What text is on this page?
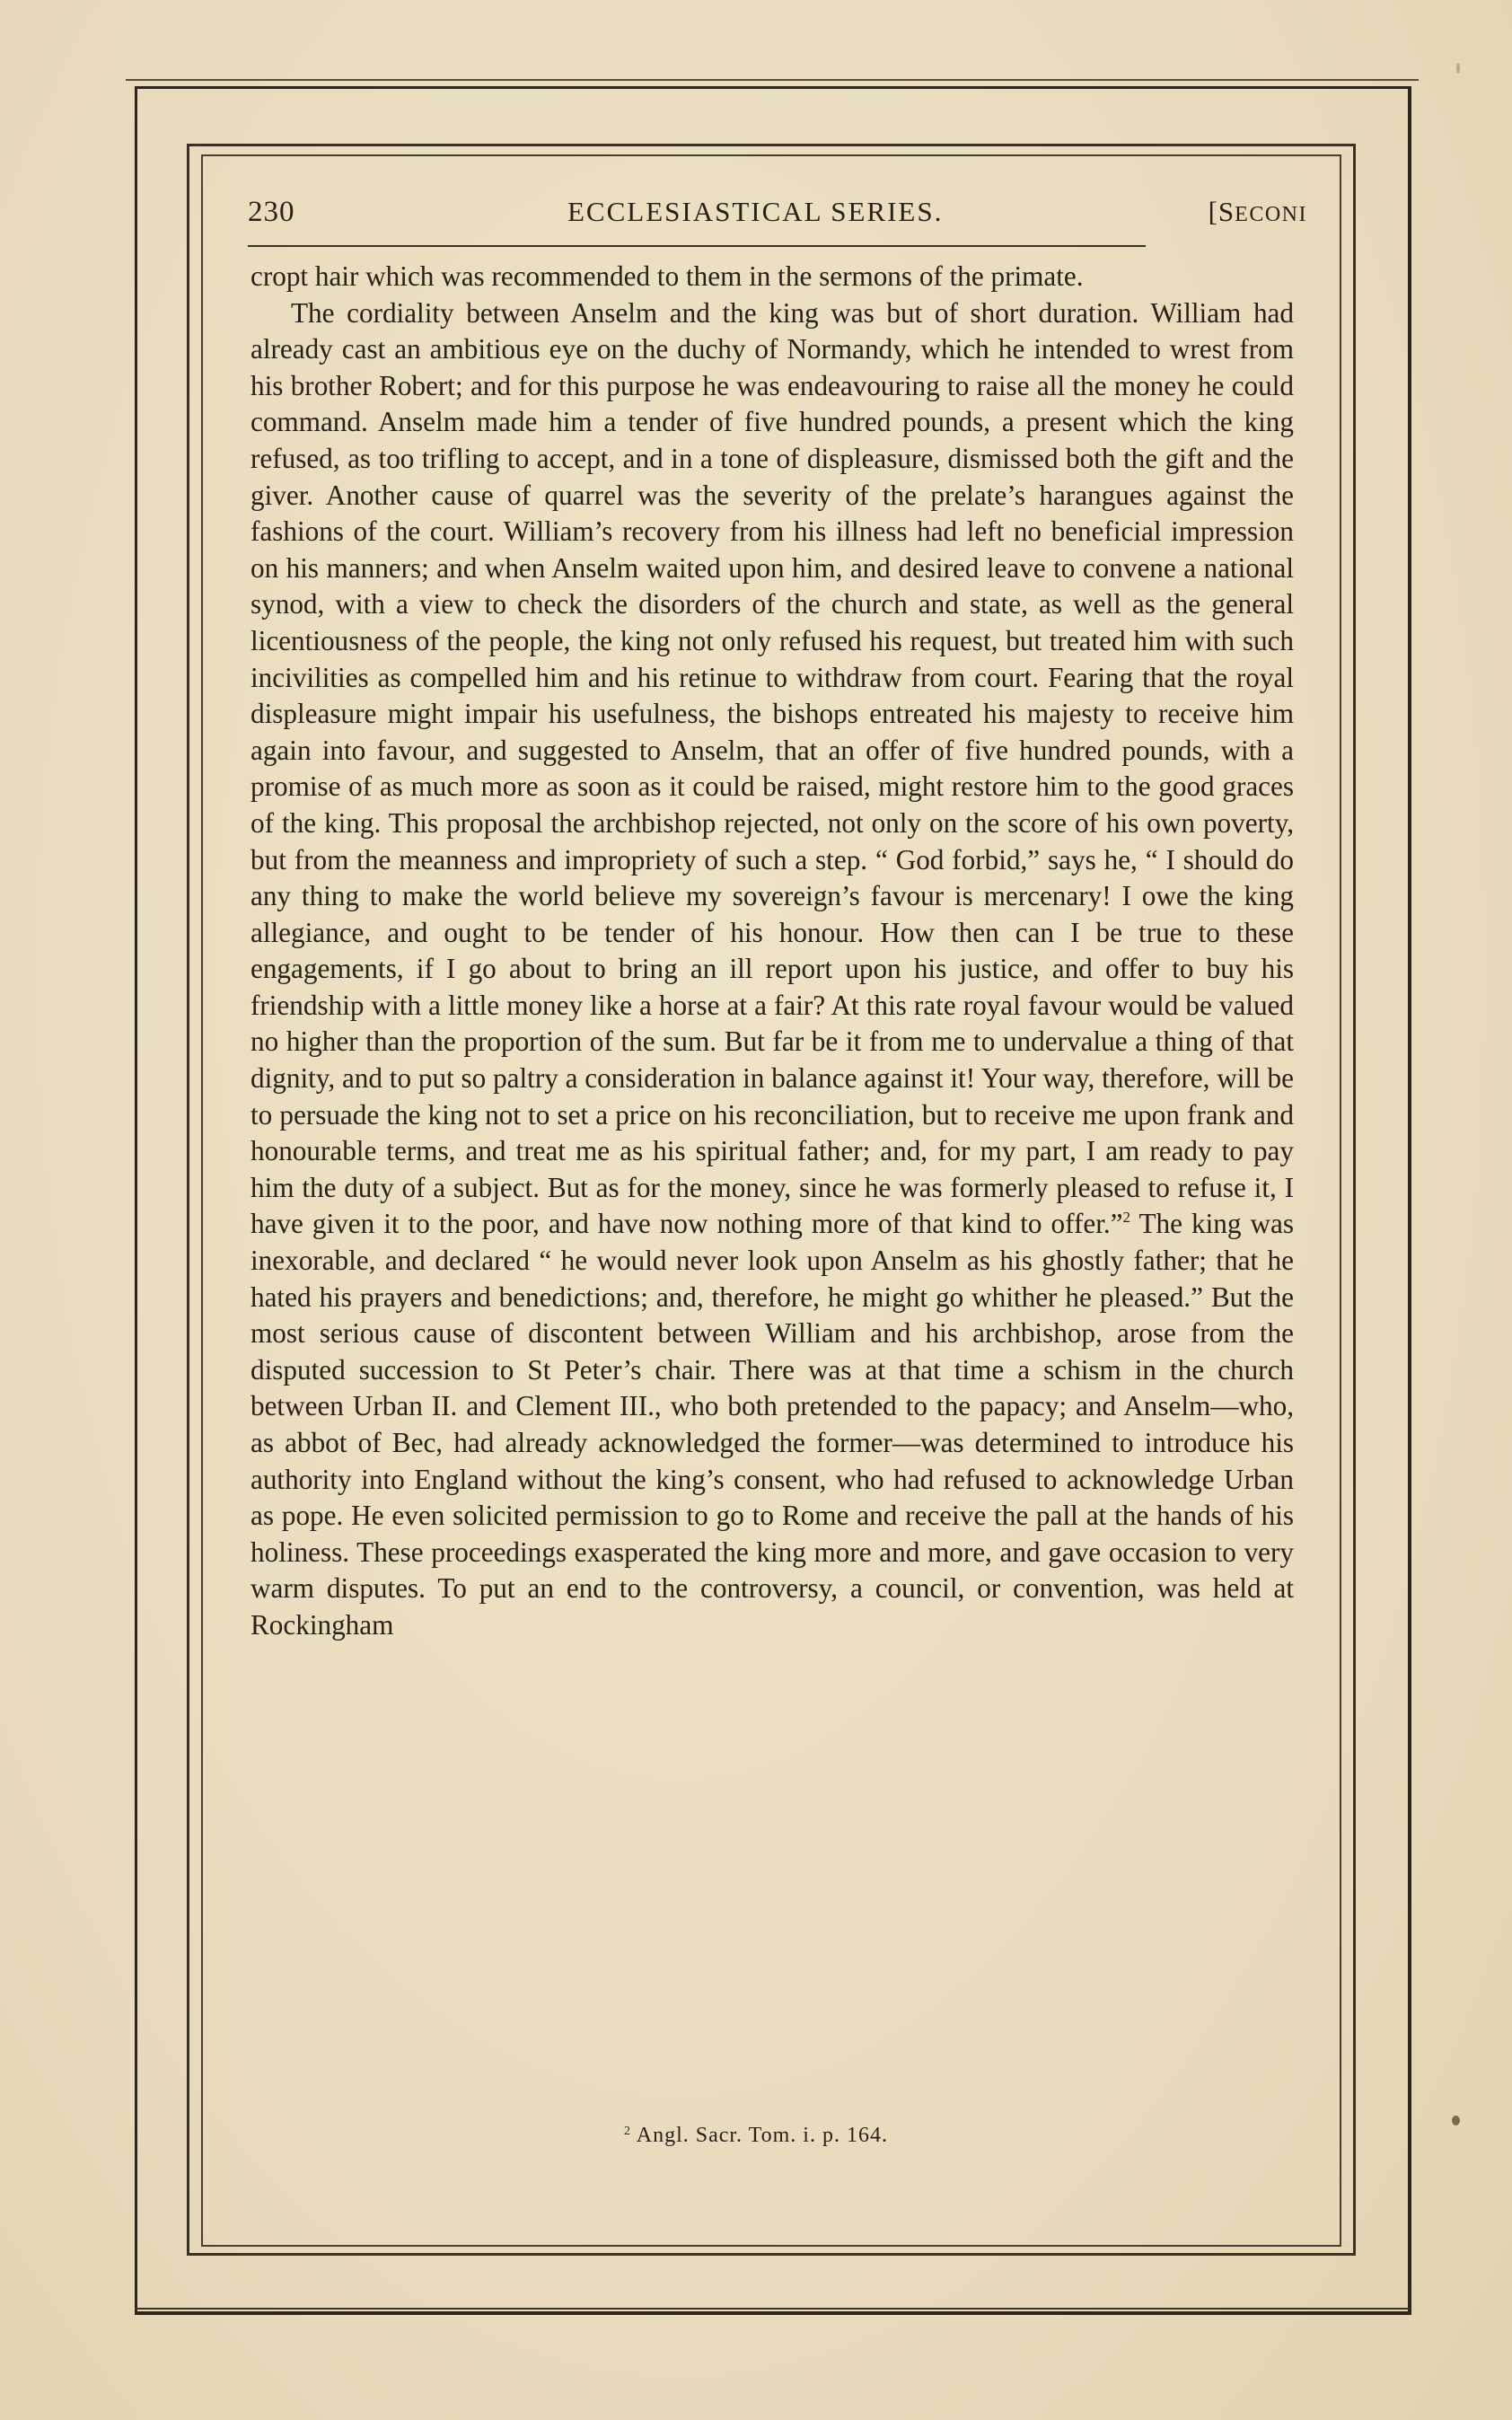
230	ECCLESIASTICAL SERIES.	[SECONI

cropt hair which was recommended to them in the sermons of the primate.

The cordiality between Anselm and the king was but of short duration. William had already cast an ambitious eye on the duchy of Normandy, which he intended to wrest from his brother Robert; and for this purpose he was endeavouring to raise all the money he could command. Anselm made him a tender of five hundred pounds, a present which the king refused, as too trifling to accept, and in a tone of displeasure, dismissed both the gift and the giver. Another cause of quarrel was the severity of the prelate’s harangues against the fashions of the court. William’s recovery from his illness had left no beneficial impression on his manners; and when Anselm waited upon him, and desired leave to convene a national synod, with a view to check the disorders of the church and state, as well as the general licentiousness of the people, the king not only refused his request, but treated him with such incivilities as compelled him and his retinue to withdraw from court. Fearing that the royal displeasure might impair his usefulness, the bishops entreated his majesty to receive him again into favour, and suggested to Anselm, that an offer of five hundred pounds, with a promise of as much more as soon as it could be raised, might restore him to the good graces of the king. This proposal the archbishop rejected, not only on the score of his own poverty, but from the meanness and impropriety of such a step. “ God forbid,” says he, “ I should do any thing to make the world believe my sovereign’s favour is mercenary! I owe the king allegiance, and ought to be tender of his honour. How then can I be true to these engagements, if I go about to bring an ill report upon his justice, and offer to buy his friendship with a little money like a horse at a fair? At this rate royal favour would be valued no higher than the proportion of the sum. But far be it from me to undervalue a thing of that dignity, and to put so paltry a consideration in balance against it! Your way, therefore, will be to persuade the king not to set a price on his reconciliation, but to receive me upon frank and honourable terms, and treat me as his spiritual father; and, for my part, I am ready to pay him the duty of a subject. But as for the money, since he was formerly pleased to refuse it, I have given it to the poor, and have now nothing more of that kind to offer.”$^2$ The king was inexorable, and declared “ he would never look upon Anselm as his ghostly father; that he hated his prayers and benedictions; and, therefore, he might go whither he pleased.” But the most serious cause of discontent between William and his archbishop, arose from the disputed succession to St Peter’s chair. There was at that time a schism in the church between Urban II. and Clement III., who both pretended to the papacy; and Anselm—who, as abbot of Bec, had already acknowledged the former—was determined to introduce his authority into England without the king’s consent, who had refused to acknowledge Urban as pope. He even solicited permission to go to Rome and receive the pall at the hands of his holiness. These proceedings exasperated the king more and more, and gave occasion to very warm disputes. To put an end to the controversy, a council, or convention, was held at Rockingham

$^2$ Angl. Sacr. Tom. i. p. 164.
